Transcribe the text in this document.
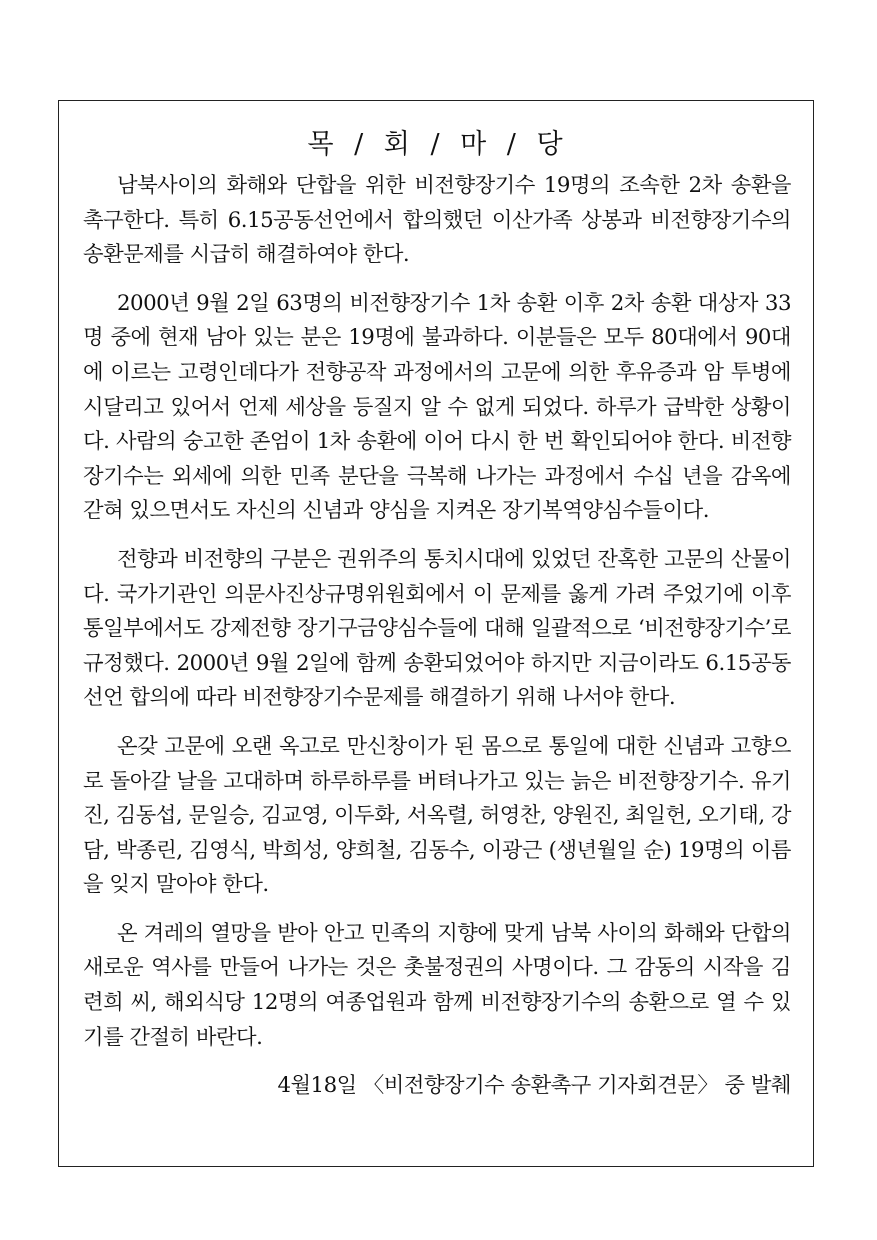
목 / 회 / 마 / 당

남북사이의 화해와 단합을 위한 비전향장기수 19명의 조속한 2차 송환을 촉구한다. 특히 6.15공동선언에서 합의했던 이산가족 상봉과 비전향장기수의 송환문제를 시급히 해결하여야 한다.

2000년 9월 2일 63명의 비전향장기수 1차 송환 이후 2차 송환 대상자 33명 중에 현재 남아 있는 분은 19명에 불과하다. 이분들은 모두 80대에서 90대에 이르는 고령인데다가 전향공작 과정에서의 고문에 의한 후유증과 암 투병에 시달리고 있어서 언제 세상을 등질지 알 수 없게 되었다. 하루가 급박한 상황이다. 사람의 숭고한 존엄이 1차 송환에 이어 다시 한 번 확인되어야 한다. 비전향장기수는 외세에 의한 민족 분단을 극복해 나가는 과정에서 수십 년을 감옥에 갇혀 있으면서도 자신의 신념과 양심을 지켜온 장기복역양심수들이다.

전향과 비전향의 구분은 권위주의 통치시대에 있었던 잔혹한 고문의 산물이다. 국가기관인 의문사진상규명위원회에서 이 문제를 옳게 가려 주었기에 이후 통일부에서도 강제전향 장기구금양심수들에 대해 일괄적으로 ‘비전향장기수’로 규정했다. 2000년 9월 2일에 함께 송환되었어야 하지만 지금이라도 6.15공동선언 합의에 따라 비전향장기수문제를 해결하기 위해 나서야 한다.

온갖 고문에 오랜 옥고로 만신창이가 된 몸으로 통일에 대한 신념과 고향으로 돌아갈 날을 고대하며 하루하루를 버텨나가고 있는 늙은 비전향장기수. 유기진, 김동섭, 문일승, 김교영, 이두화, 서옥렬, 허영찬, 양원진, 최일헌, 오기태, 강담, 박종린, 김영식, 박희성, 양희철, 김동수, 이광근 (생년월일 순) 19명의 이름을 잊지 말아야 한다.

온 겨레의 열망을 받아 안고 민족의 지향에 맞게 남북 사이의 화해와 단합의 새로운 역사를 만들어 나가는 것은 촛불정권의 사명이다. 그 감동의 시작을 김련희 씨, 해외식당 12명의 여종업원과 함께 비전향장기수의 송환으로 열 수 있기를 간절히 바란다.

4월18일 〈비전향장기수 송환촉구 기자회견문〉 중 발췌
